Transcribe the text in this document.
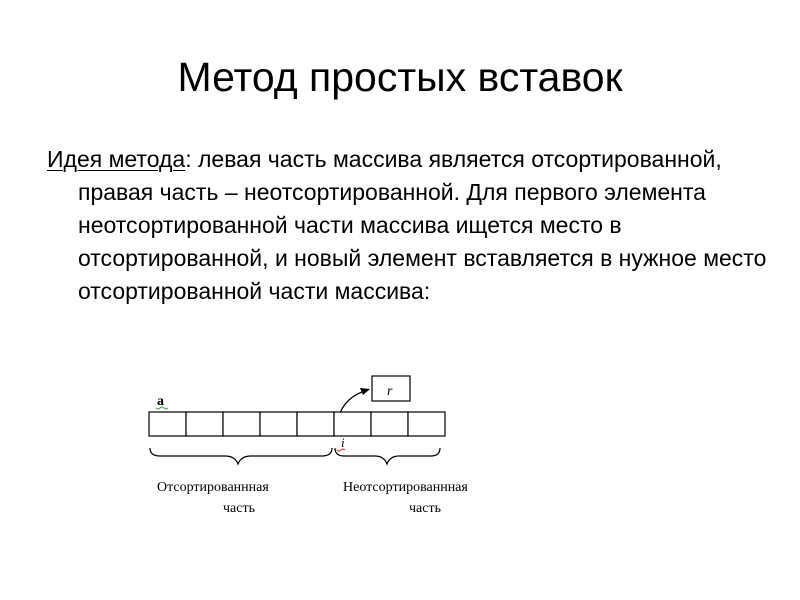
Метод простых вставок

Идея метода: левая часть массива является отсортированной, правая часть – неотсортированной. Для первого элемента неотсортированной части массива ищется место в отсортированной, и новый элемент вставляется в нужное место отсортированной части массива:

a
r
i
Отсортированнная
часть
Неотсортированнная
часть
